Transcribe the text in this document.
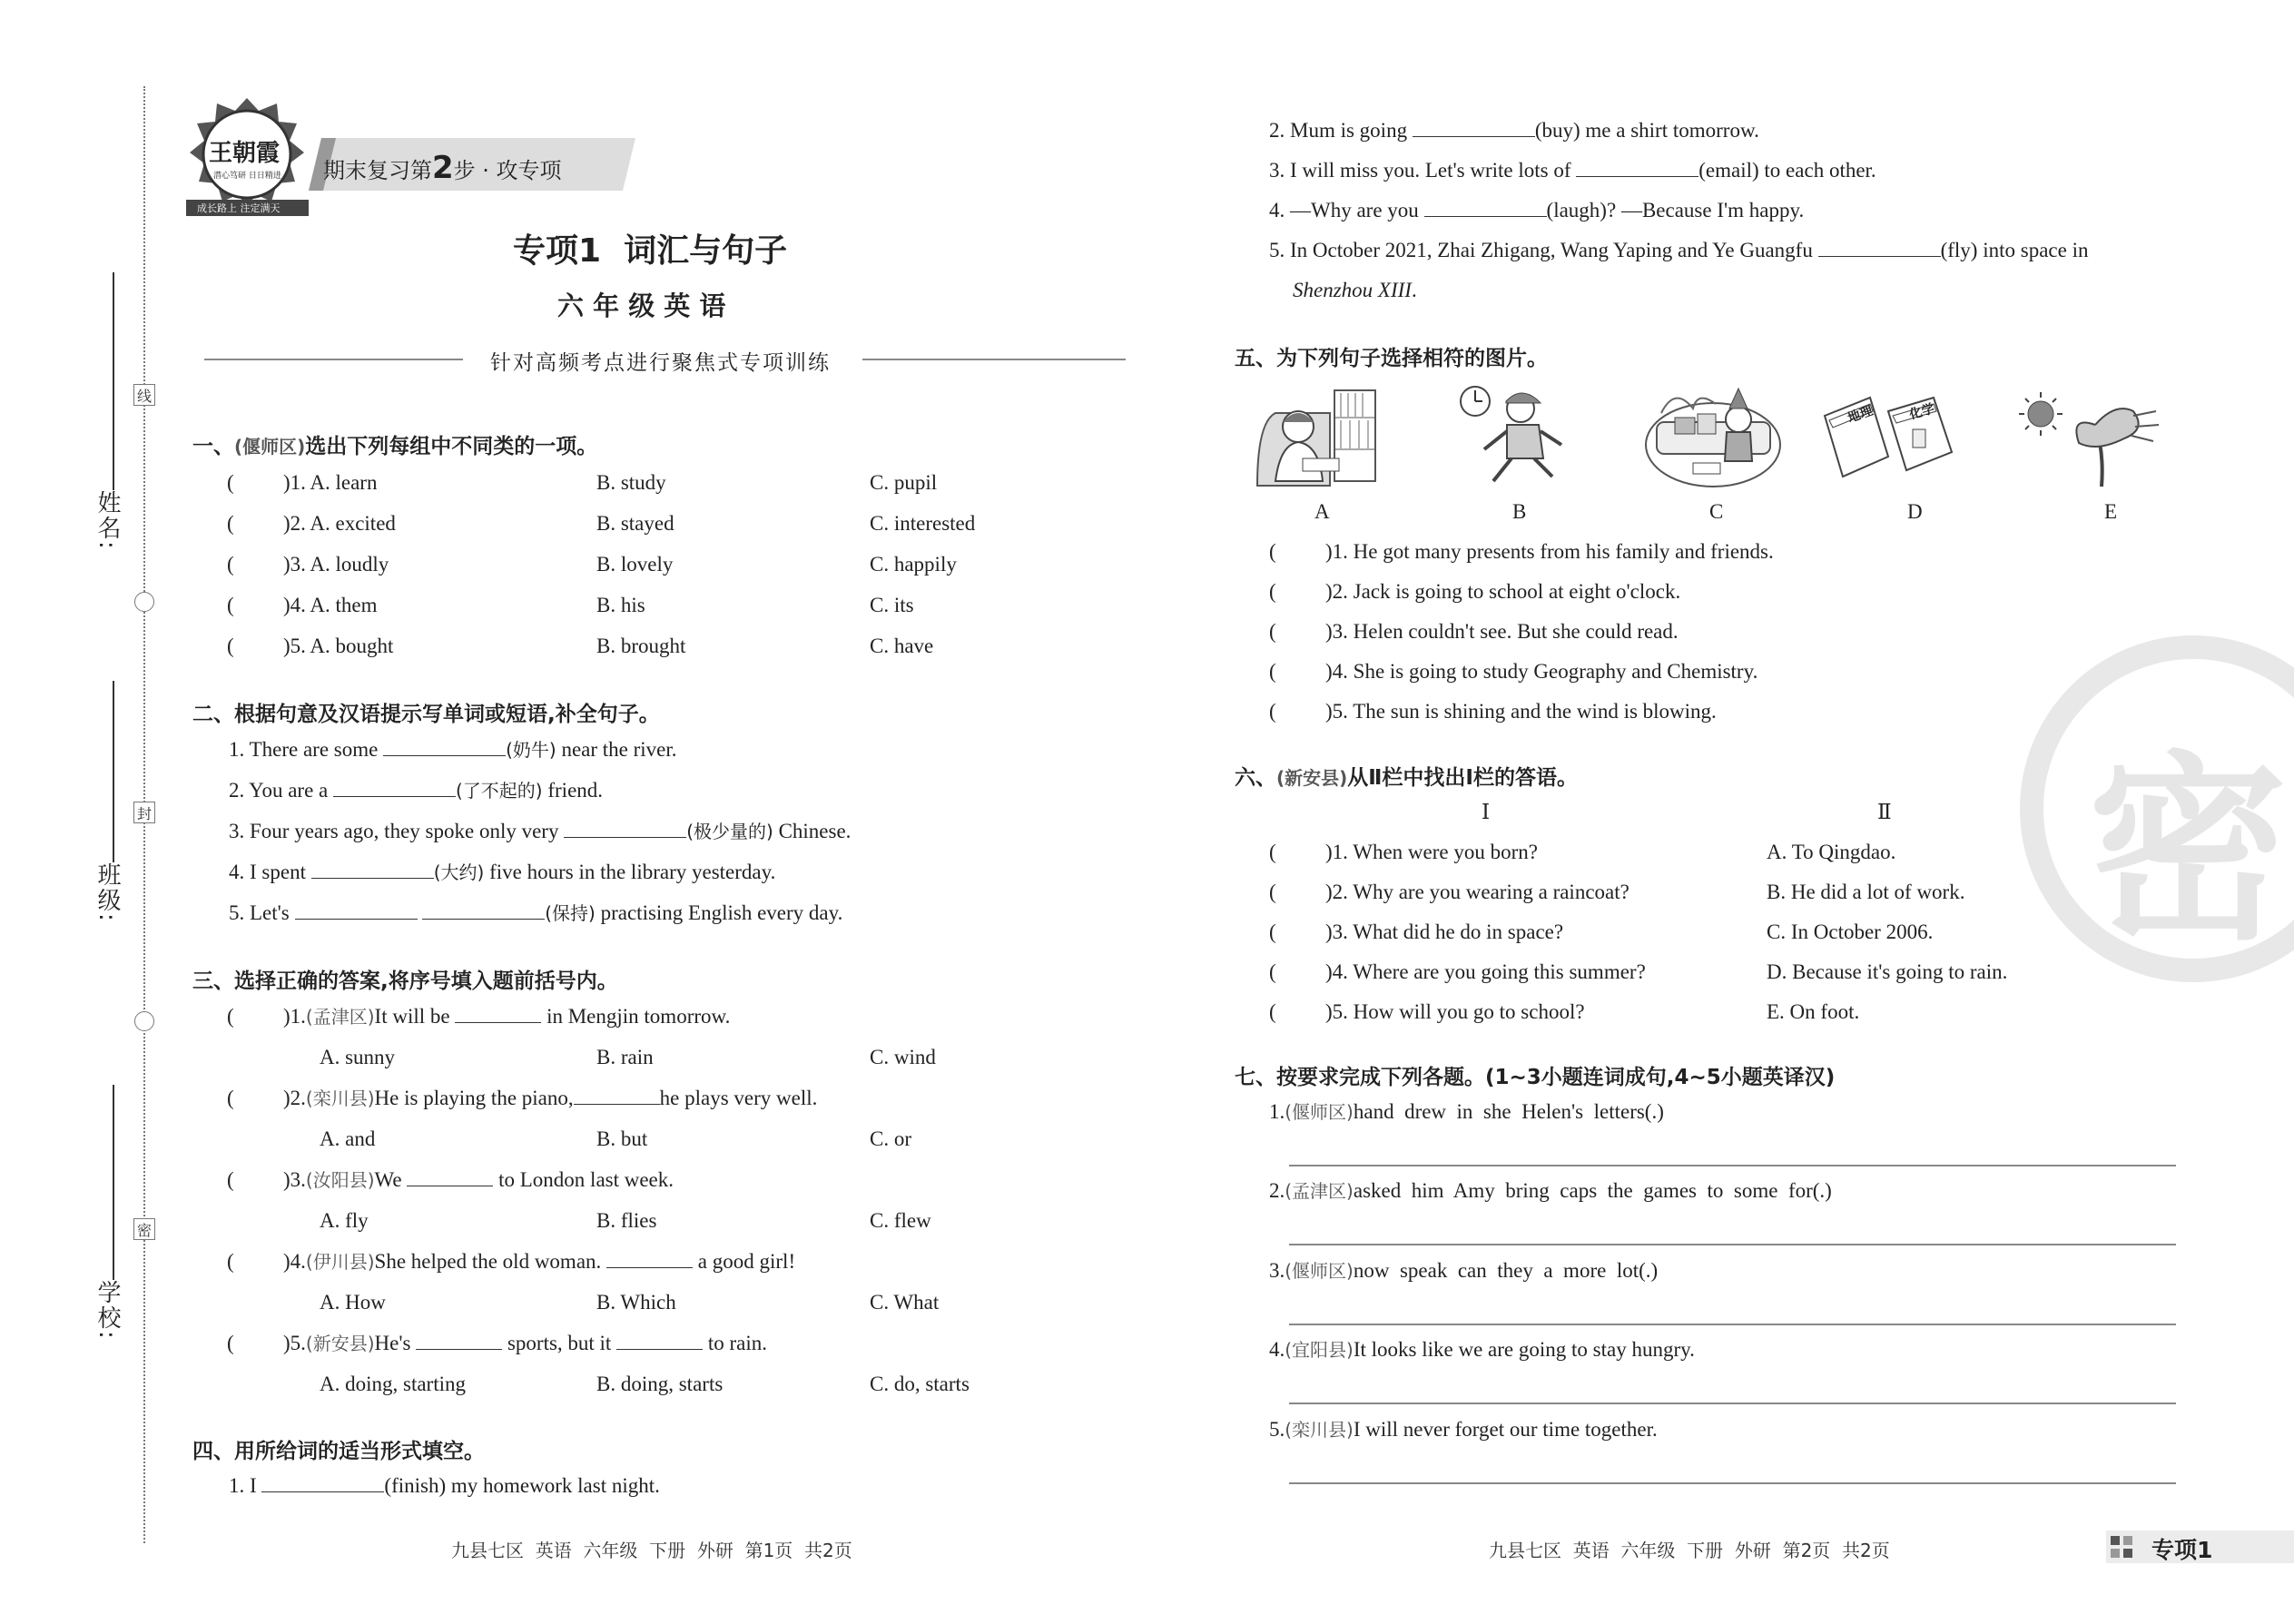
线
封
密
姓名:
班级:
学校:
王朝霞
潜心笃研 日日精进
成长路上 注定满天
期末复习第2步 · 攻专项
专项1  词汇与句子
六 年 级 英 语
针对高频考点进行聚焦式专项训练
一、(偃师区)选出下列每组中不同类的一项。
( )1. A. learn	B. study	C. pupil
( )2. A. excited	B. stayed	C. interested
( )3. A. loudly	B. lovely	C. happily
( )4. A. them	B. his	C. its
( )5. A. bought	B. brought	C. have
二、根据句意及汉语提示写单词或短语,补全句子。
1. There are some	(奶牛) near the river.
2. You are a	(了不起的) friend.
3. Four years ago, they spoke only very	(极少量的) Chinese.
4. I spent	(大约) five hours in the library yesterday.
5. Let's	(保持) practising English every day.
三、选择正确的答案,将序号填入题前括号内。
( )1.(孟津区)It will be	in Mengjin tomorrow.
A. sunny	B. rain	C. wind
( )2.(栾川县)He is playing the piano,	he plays very well.
A. and	B. but	C. or
( )3.(汝阳县)We	to London last week.
A. fly	B. flies	C. flew
( )4.(伊川县)She helped the old woman.	a good girl!
A. How	B. Which	C. What
( )5.(新安县)He's	sports, but it	to rain.
A. doing, starting	B. doing, starts	C. do, starts
四、用所给词的适当形式填空。
1. I	(finish) my homework last night.
2. Mum is going	(buy) me a shirt tomorrow.
3. I will miss you. Let's write lots of	(email) to each other.
4. —Why are you	(laugh)? —Because I'm happy.
5. In October 2021, Zhai Zhigang, Wang Yaping and Ye Guangfu	(fly) into space in
Shenzhou XIII.
五、为下列句子选择相符的图片。
地理	化学
A	B	C	D	E
( )1. He got many presents from his family and friends.
( )2. Jack is going to school at eight o'clock.
( )3. Helen couldn't see. But she could read.
( )4. She is going to study Geography and Chemistry.
( )5. The sun is shining and the wind is blowing.
六、(新安县)从Ⅱ栏中找出Ⅰ栏的答语。
Ⅰ	Ⅱ
( )1. When were you born?	A. To Qingdao.
( )2. Why are you wearing a raincoat?	B. He did a lot of work.
( )3. What did he do in space?	C. In October 2006.
( )4. Where are you going this summer?	D. Because it's going to rain.
( )5. How will you go to school?	E. On foot.
七、按要求完成下列各题。(1~3小题连词成句,4~5小题英译汉)
1.(偃师区)hand  drew  in  she  Helen's  letters(.)
2.(孟津区)asked  him  Amy  bring  caps  the  games  to  some  for(.)
3.(偃师区)now  speak  can  they  a  more  lot(.)
4.(宜阳县)It looks like we are going to stay hungry.
5.(栾川县)I will never forget our time together.
密
九县七区  英语  六年级  下册  外研  第1页  共2页	九县七区  英语  六年级  下册  外研  第2页  共2页	专项1
